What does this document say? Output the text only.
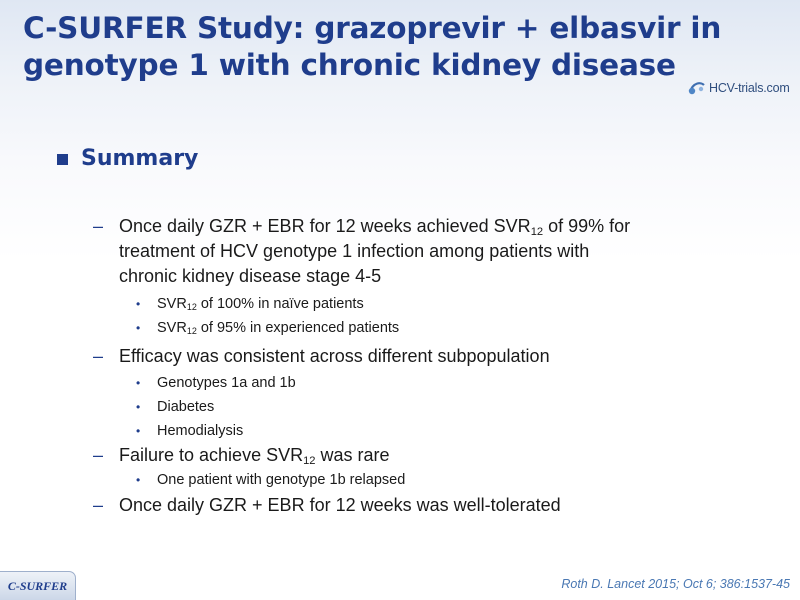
C-SURFER Study: grazoprevir + elbasvir in
genotype 1 with chronic kidney disease
HCV-trials.com
Summary
– Once daily GZR + EBR for 12 weeks achieved $SVR_{12}$ of 99% for
treatment of HCV genotype 1 infection among patients with
chronic kidney disease stage 4-5
• $SVR_{12}$ of 100% in naïve patients
• $SVR_{12}$ of 95% in experienced patients
– Efficacy was consistent across different subpopulation
• Genotypes 1a and 1b
• Diabetes
• Hemodialysis
– Failure to achieve $SVR_{12}$ was rare
• One patient with genotype 1b relapsed
– Once daily GZR + EBR for 12 weeks was well-tolerated
C-SURFER	Roth D. Lancet 2015; Oct 6; 386:1537-45
